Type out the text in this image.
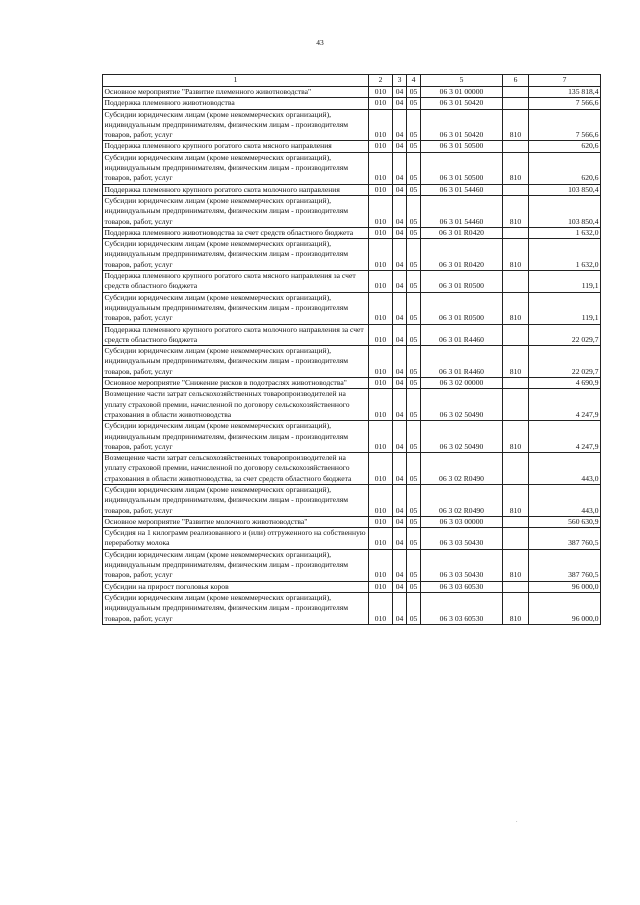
43
1	2	3	4	5	6	7
Основное мероприятие "Развитие племенного животноводства"	010	04	05	06 3 01 00000		135 818,4
Поддержка племенного животноводства	010	04	05	06 3 01 50420		7 566,6
Субсидии юридическим лицам (кроме некоммерческих организаций), индивидуальным предпринимателям, физическим лицам - производителям товаров, работ, услуг	010	04	05	06 3 01 50420	810	7 566,6
Поддержка племенного крупного рогатого скота мясного направления	010	04	05	06 3 01 50500		620,6
Субсидии юридическим лицам (кроме некоммерческих организаций), индивидуальным предпринимателям, физическим лицам - производителям товаров, работ, услуг	010	04	05	06 3 01 50500	810	620,6
Поддержка племенного крупного рогатого скота молочного направления	010	04	05	06 3 01 54460		103 850,4
Субсидии юридическим лицам (кроме некоммерческих организаций), индивидуальным предпринимателям, физическим лицам - производителям товаров, работ, услуг	010	04	05	06 3 01 54460	810	103 850,4
Поддержка племенного животноводства за счет средств областного бюджета	010	04	05	06 3 01 R0420		1 632,0
Субсидии юридическим лицам (кроме некоммерческих организаций), индивидуальным предпринимателям, физическим лицам - производителям товаров, работ, услуг	010	04	05	06 3 01 R0420	810	1 632,0
Поддержка племенного крупного рогатого скота мясного направления за счет средств областного бюджета	010	04	05	06 3 01 R0500		119,1
Субсидии юридическим лицам (кроме некоммерческих организаций), индивидуальным предпринимателям, физическим лицам - производителям товаров, работ, услуг	010	04	05	06 3 01 R0500	810	119,1
Поддержка племенного крупного рогатого скота молочного направления за счет средств областного бюджета	010	04	05	06 3 01 R4460		22 029,7
Субсидии юридическим лицам (кроме некоммерческих организаций), индивидуальным предпринимателям, физическим лицам - производителям товаров, работ, услуг	010	04	05	06 3 01 R4460	810	22 029,7
Основное мероприятие "Снижение рисков в подотраслях животноводства"	010	04	05	06 3 02 00000		4 690,9
Возмещение части затрат сельскохозяйственных товаропроизводителей на уплату страховой премии, начисленной по договору сельскохозяйственного страхования в области животноводства	010	04	05	06 3 02 50490		4 247,9
Субсидии юридическим лицам (кроме некоммерческих организаций), индивидуальным предпринимателям, физическим лицам - производителям товаров, работ, услуг	010	04	05	06 3 02 50490	810	4 247,9
Возмещение части затрат сельскохозяйственных товаропроизводителей на уплату страховой премии, начисленной по договору сельскохозяйственного страхования в области животноводства, за счет средств областного бюджета	010	04	05	06 3 02 R0490		443,0
Субсидии юридическим лицам (кроме некоммерческих организаций), индивидуальным предпринимателям, физическим лицам - производителям товаров, работ, услуг	010	04	05	06 3 02 R0490	810	443,0
Основное мероприятие "Развитие молочного животноводства"	010	04	05	06 3 03 00000		560 630,9
Субсидия на 1 килограмм реализованного и (или) отгруженного на собственную переработку молока	010	04	05	06 3 03 50430		387 760,5
Субсидии юридическим лицам (кроме некоммерческих организаций), индивидуальным предпринимателям, физическим лицам - производителям товаров, работ, услуг	010	04	05	06 3 03 50430	810	387 760,5
Субсидии на прирост поголовья коров	010	04	05	06 3 03 60530		96 000,0
Субсидии юридическим лицам (кроме некоммерческих организаций), индивидуальным предпринимателям, физическим лицам - производителям товаров, работ, услуг	010	04	05	06 3 03 60530	810	96 000,0
.
